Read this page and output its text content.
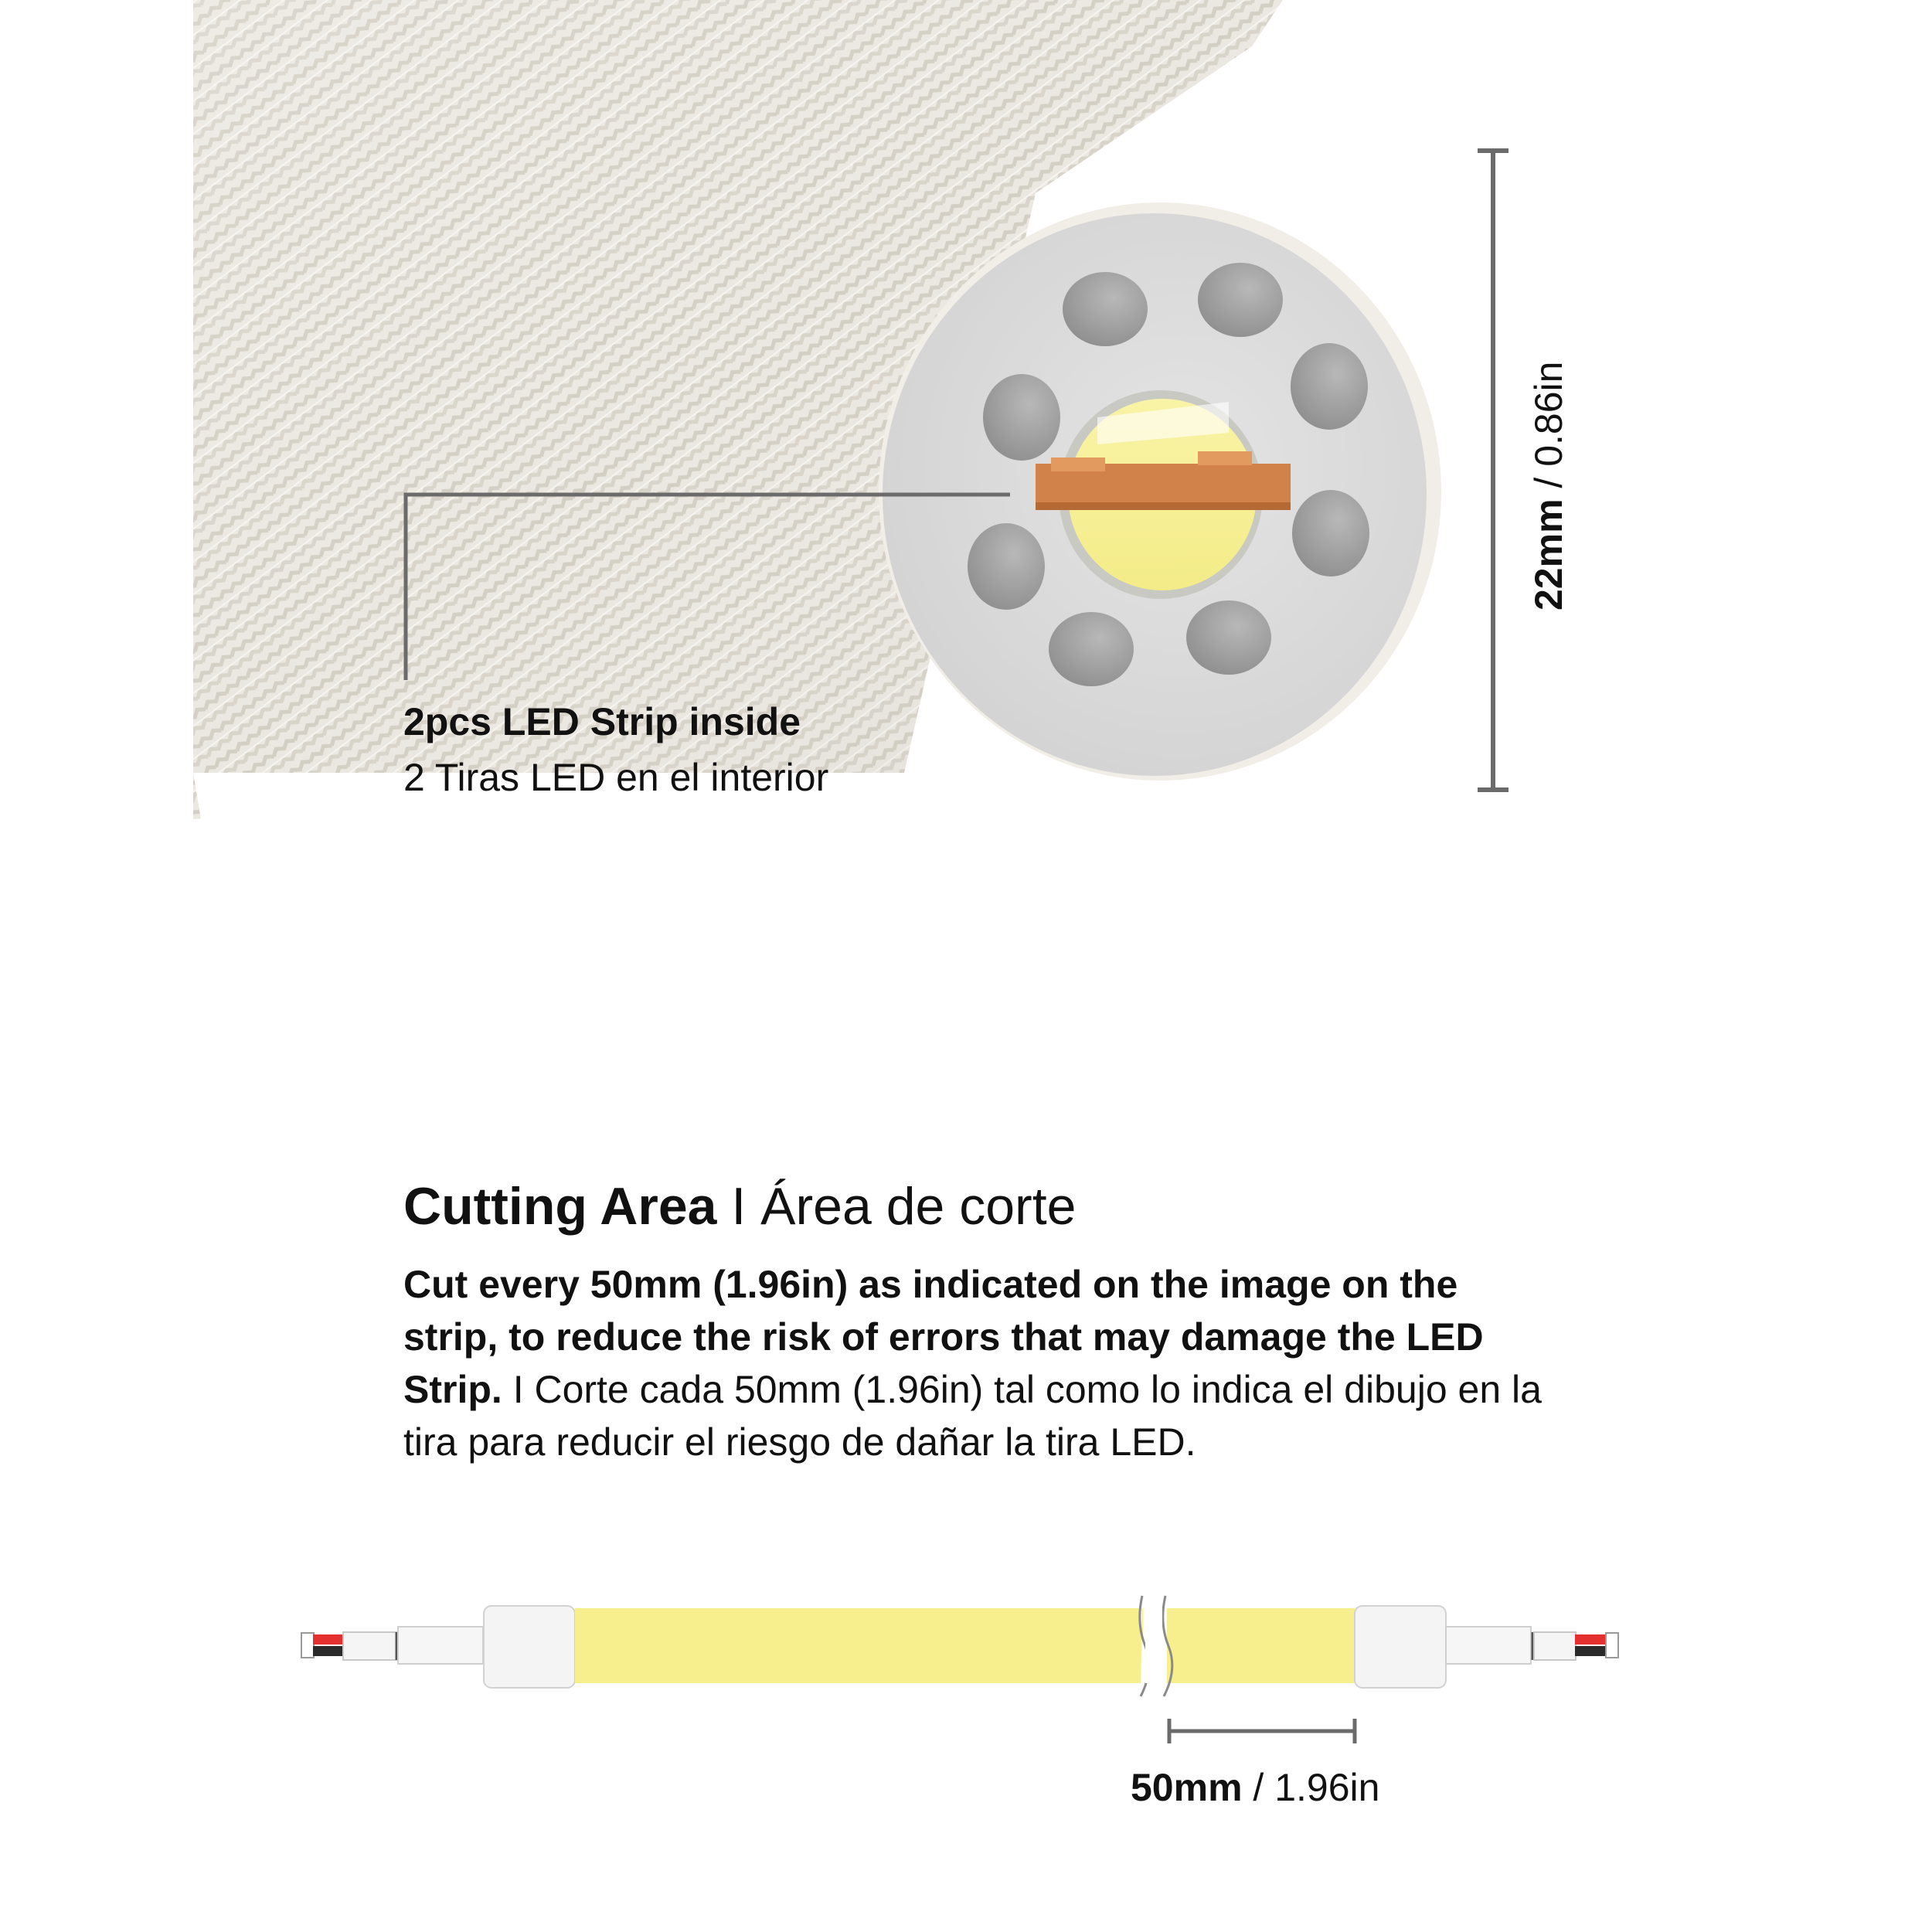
2pcs LED Strip inside
2 Tiras LED en el interior
22mm / 0.86in
Cutting Area I Área de corte
Cut every 50mm (1.96in) as indicated on the image on the strip, to reduce the risk of errors that may damage the LED Strip. I Corte cada 50mm (1.96in) tal como lo indica el dibujo en la tira para reducir el riesgo de dañar la tira LED.
50mm / 1.96in
